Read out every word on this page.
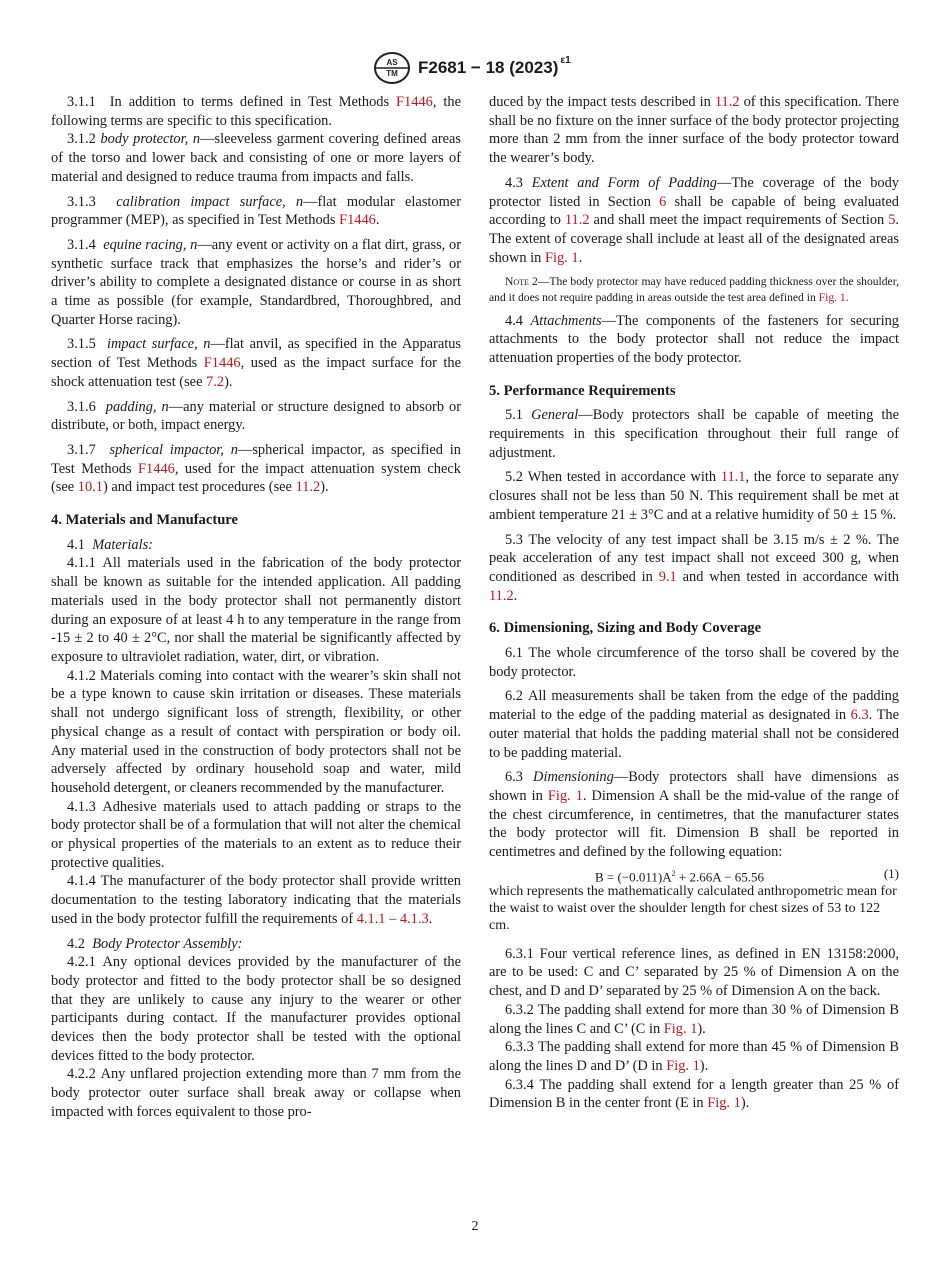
AS
TM F2681 − 18 (2023) $^{\varepsilon 1}$

3.1.1 In addition to terms defined in Test Methods F1446, the following terms are specific to this specification.

3.1.2 body protector, n—sleeveless garment covering defined areas of the torso and lower back and consisting of one or more layers of material and designed to reduce trauma from impacts and falls.

3.1.3 calibration impact surface, n—flat modular elastomer programmer (MEP), as specified in Test Methods F1446.

3.1.4 equine racing, n—any event or activity on a flat dirt, grass, or synthetic surface track that emphasizes the horse’s and rider’s or driver’s ability to complete a designated distance or course in as short a time as possible (for example, Standardbred, Thoroughbred, and Quarter Horse racing).

3.1.5 impact surface, n—flat anvil, as specified in the Apparatus section of Test Methods F1446, used as the impact surface for the shock attenuation test (see 7.2).

3.1.6 padding, n—any material or structure designed to absorb or distribute, or both, impact energy.

3.1.7 spherical impactor, n—spherical impactor, as specified in Test Methods F1446, used for the impact attenuation system check (see 10.1) and impact test procedures (see 11.2).

4. Materials and Manufacture

4.1 Materials:

4.1.1 All materials used in the fabrication of the body protector shall be known as suitable for the intended application. All padding materials used in the body protector shall not permanently distort during an exposure of at least 4 h to any temperature in the range from -15 ± 2 to 40 ± 2°C, nor shall the material be significantly affected by exposure to ultraviolet radiation, water, dirt, or vibration.

4.1.2 Materials coming into contact with the wearer’s skin shall not be a type known to cause skin irritation or diseases. These materials shall not undergo significant loss of strength, flexibility, or other physical change as a result of contact with perspiration or body oil. Any material used in the construction of body protectors shall not be adversely affected by ordinary household soap and water, mild household detergent, or cleaners recommended by the manufacturer.

4.1.3 Adhesive materials used to attach padding or straps to the body protector shall be of a formulation that will not alter the chemical or physical properties of the materials to an extent as to reduce their protective qualities.

4.1.4 The manufacturer of the body protector shall provide written documentation to the testing laboratory indicating that the materials used in the body protector fulfill the requirements of 4.1.1 – 4.1.3.

4.2 Body Protector Assembly:

4.2.1 Any optional devices provided by the manufacturer of the body protector and fitted to the body protector shall be so designed that they are unlikely to cause any injury to the wearer or other participants during contact. If the manufacturer provides optional devices then the body protector shall be tested with the optional devices fitted to the body protector.

4.2.2 Any unflared projection extending more than 7 mm from the body protector outer surface shall break away or collapse when impacted with forces equivalent to those pro-

duced by the impact tests described in 11.2 of this specification. There shall be no fixture on the inner surface of the body protector projecting more than 2 mm from the inner surface of the body protector toward the wearer’s body.

4.3 Extent and Form of Padding—The coverage of the body protector listed in Section 6 shall be capable of being evaluated according to 11.2 and shall meet the impact requirements of Section 5. The extent of coverage shall include at least all of the designated areas shown in Fig. 1.

Note 2—The body protector may have reduced padding thickness over the shoulder, and it does not require padding in areas outside the test area defined in Fig. 1.

4.4 Attachments—The components of the fasteners for securing attachments to the body protector shall not reduce the impact attenuation properties of the body protector.

5. Performance Requirements

5.1 General—Body protectors shall be capable of meeting the requirements in this specification throughout their full range of adjustment.

5.2 When tested in accordance with 11.1, the force to separate any closures shall not be less than 50 N. This requirement shall be met at ambient temperature 21 ± 3°C and at a relative humidity of 50 ± 15 %.

5.3 The velocity of any test impact shall be 3.15 m/s ± 2 %. The peak acceleration of any test impact shall not exceed 300 g, when conditioned as described in 9.1 and when tested in accordance with 11.2.

6. Dimensioning, Sizing and Body Coverage

6.1 The whole circumference of the torso shall be covered by the body protector.

6.2 All measurements shall be taken from the edge of the padding material to the edge of the padding material as designated in 6.3. The outer material that holds the padding material shall not be considered to be padding material.

6.3 Dimensioning—Body protectors shall have dimensions as shown in Fig. 1. Dimension A shall be the mid-value of the range of the chest circumference, in centimetres, that the manufacturer states the body protector will fit. Dimension B shall be reported in centimetres and defined by the following equation:

$B = (-0.011)A^2 + 2.66A - 65.56$	(1)

which represents the mathematically calculated anthropometric mean for the waist to waist over the shoulder length for chest sizes of 53 to 122 cm.

6.3.1 Four vertical reference lines, as defined in EN 13158:2000, are to be used: C and C’ separated by 25 % of Dimension A on the chest, and D and D’ separated by 25 % of Dimension A on the back.

6.3.2 The padding shall extend for more than 30 % of Dimension B along the lines C and C’ (C in Fig. 1).

6.3.3 The padding shall extend for more than 45 % of Dimension B along the lines D and D’ (D in Fig. 1).

6.3.4 The padding shall extend for a length greater than 25 % of Dimension B in the center front (E in Fig. 1).

2
